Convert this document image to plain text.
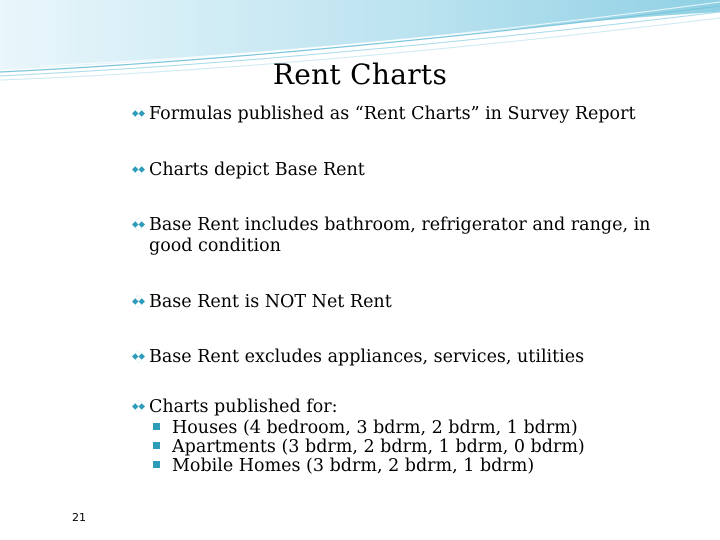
Rent Charts
Formulas published as “Rent Charts” in Survey Report
Charts depict Base Rent
Base Rent includes bathroom, refrigerator and range, in
good condition
Base Rent is NOT Net Rent
Base Rent excludes appliances, services, utilities
Charts published for:
Houses (4 bedroom, 3 bdrm, 2 bdrm, 1 bdrm)
Apartments (3 bdrm, 2 bdrm, 1 bdrm, 0 bdrm)
Mobile Homes (3 bdrm, 2 bdrm, 1 bdrm)
21
